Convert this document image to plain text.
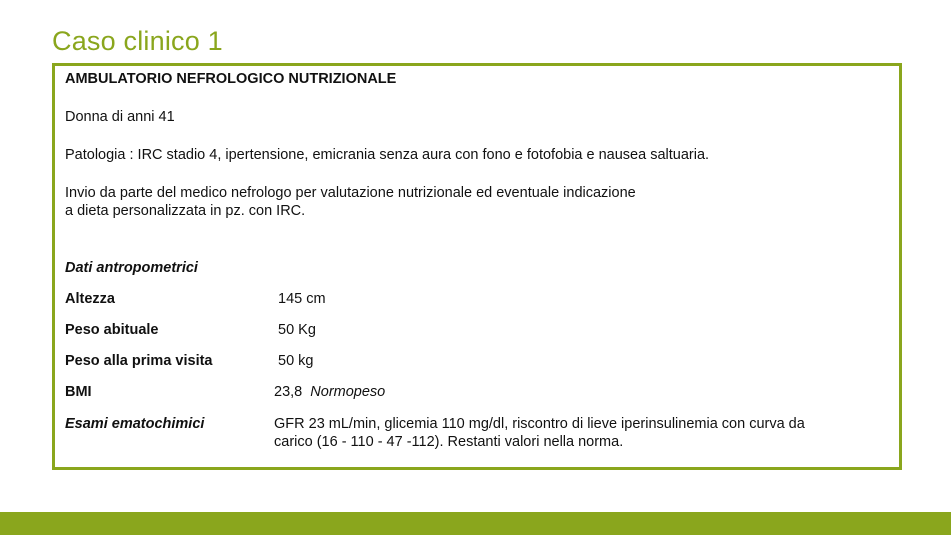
Caso clinico 1
AMBULATORIO NEFROLOGICO NUTRIZIONALE
Donna di anni 41
Patologia : IRC stadio 4, ipertensione, emicrania senza aura con fono e fotofobia e nausea saltuaria.
Invio da parte del medico nefrologo per valutazione nutrizionale ed eventuale indicazione
a dieta personalizzata in pz. con IRC.
Dati antropometrici
Altezza	145 cm
Peso abituale	50 Kg
Peso alla prima visita	50 kg
BMI	23,8 Normopeso
Esami ematochimici	GFR 23 mL/min, glicemia 110 mg/dl, riscontro di lieve iperinsulinemia con curva da
carico (16 - 110 - 47 -112). Restanti valori nella norma.
